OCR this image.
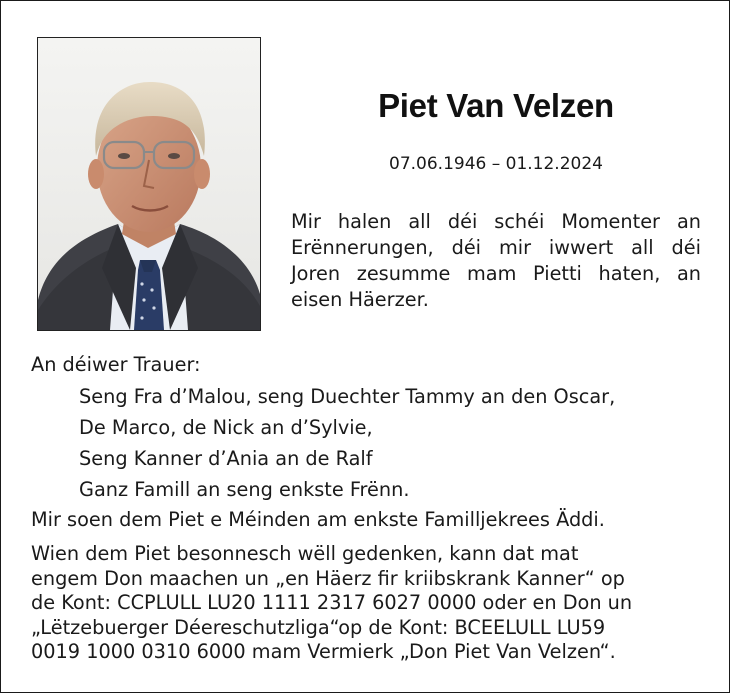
Piet Van Velzen
07.06.1946 – 01.12.2024
Mir halen all déi schéi Momenter an
Erënnerungen, déi mir iwwert all déi
Joren zesumme mam Pietti haten, an
eisen Häerzer.
An déiwer Trauer:
Seng Fra d’Malou, seng Duechter Tammy an den Oscar,
De Marco, de Nick an d’Sylvie,
Seng Kanner d’Ania an de Ralf
Ganz Famill an seng enkste Frënn.
Mir soen dem Piet e Méinden am enkste Familljekrees Äddi.
Wien dem Piet besonnesch wëll gedenken, kann dat mat
engem Don maachen un „en Häerz fir kriibskrank Kanner“ op
de Kont: CCPLULL LU20 1111 2317 6027 0000 oder en Don un
„Lëtzebuerger Déereschutzliga“op de Kont: BCEELULL LU59
0019 1000 0310 6000 mam Vermierk „Don Piet Van Velzen“.
